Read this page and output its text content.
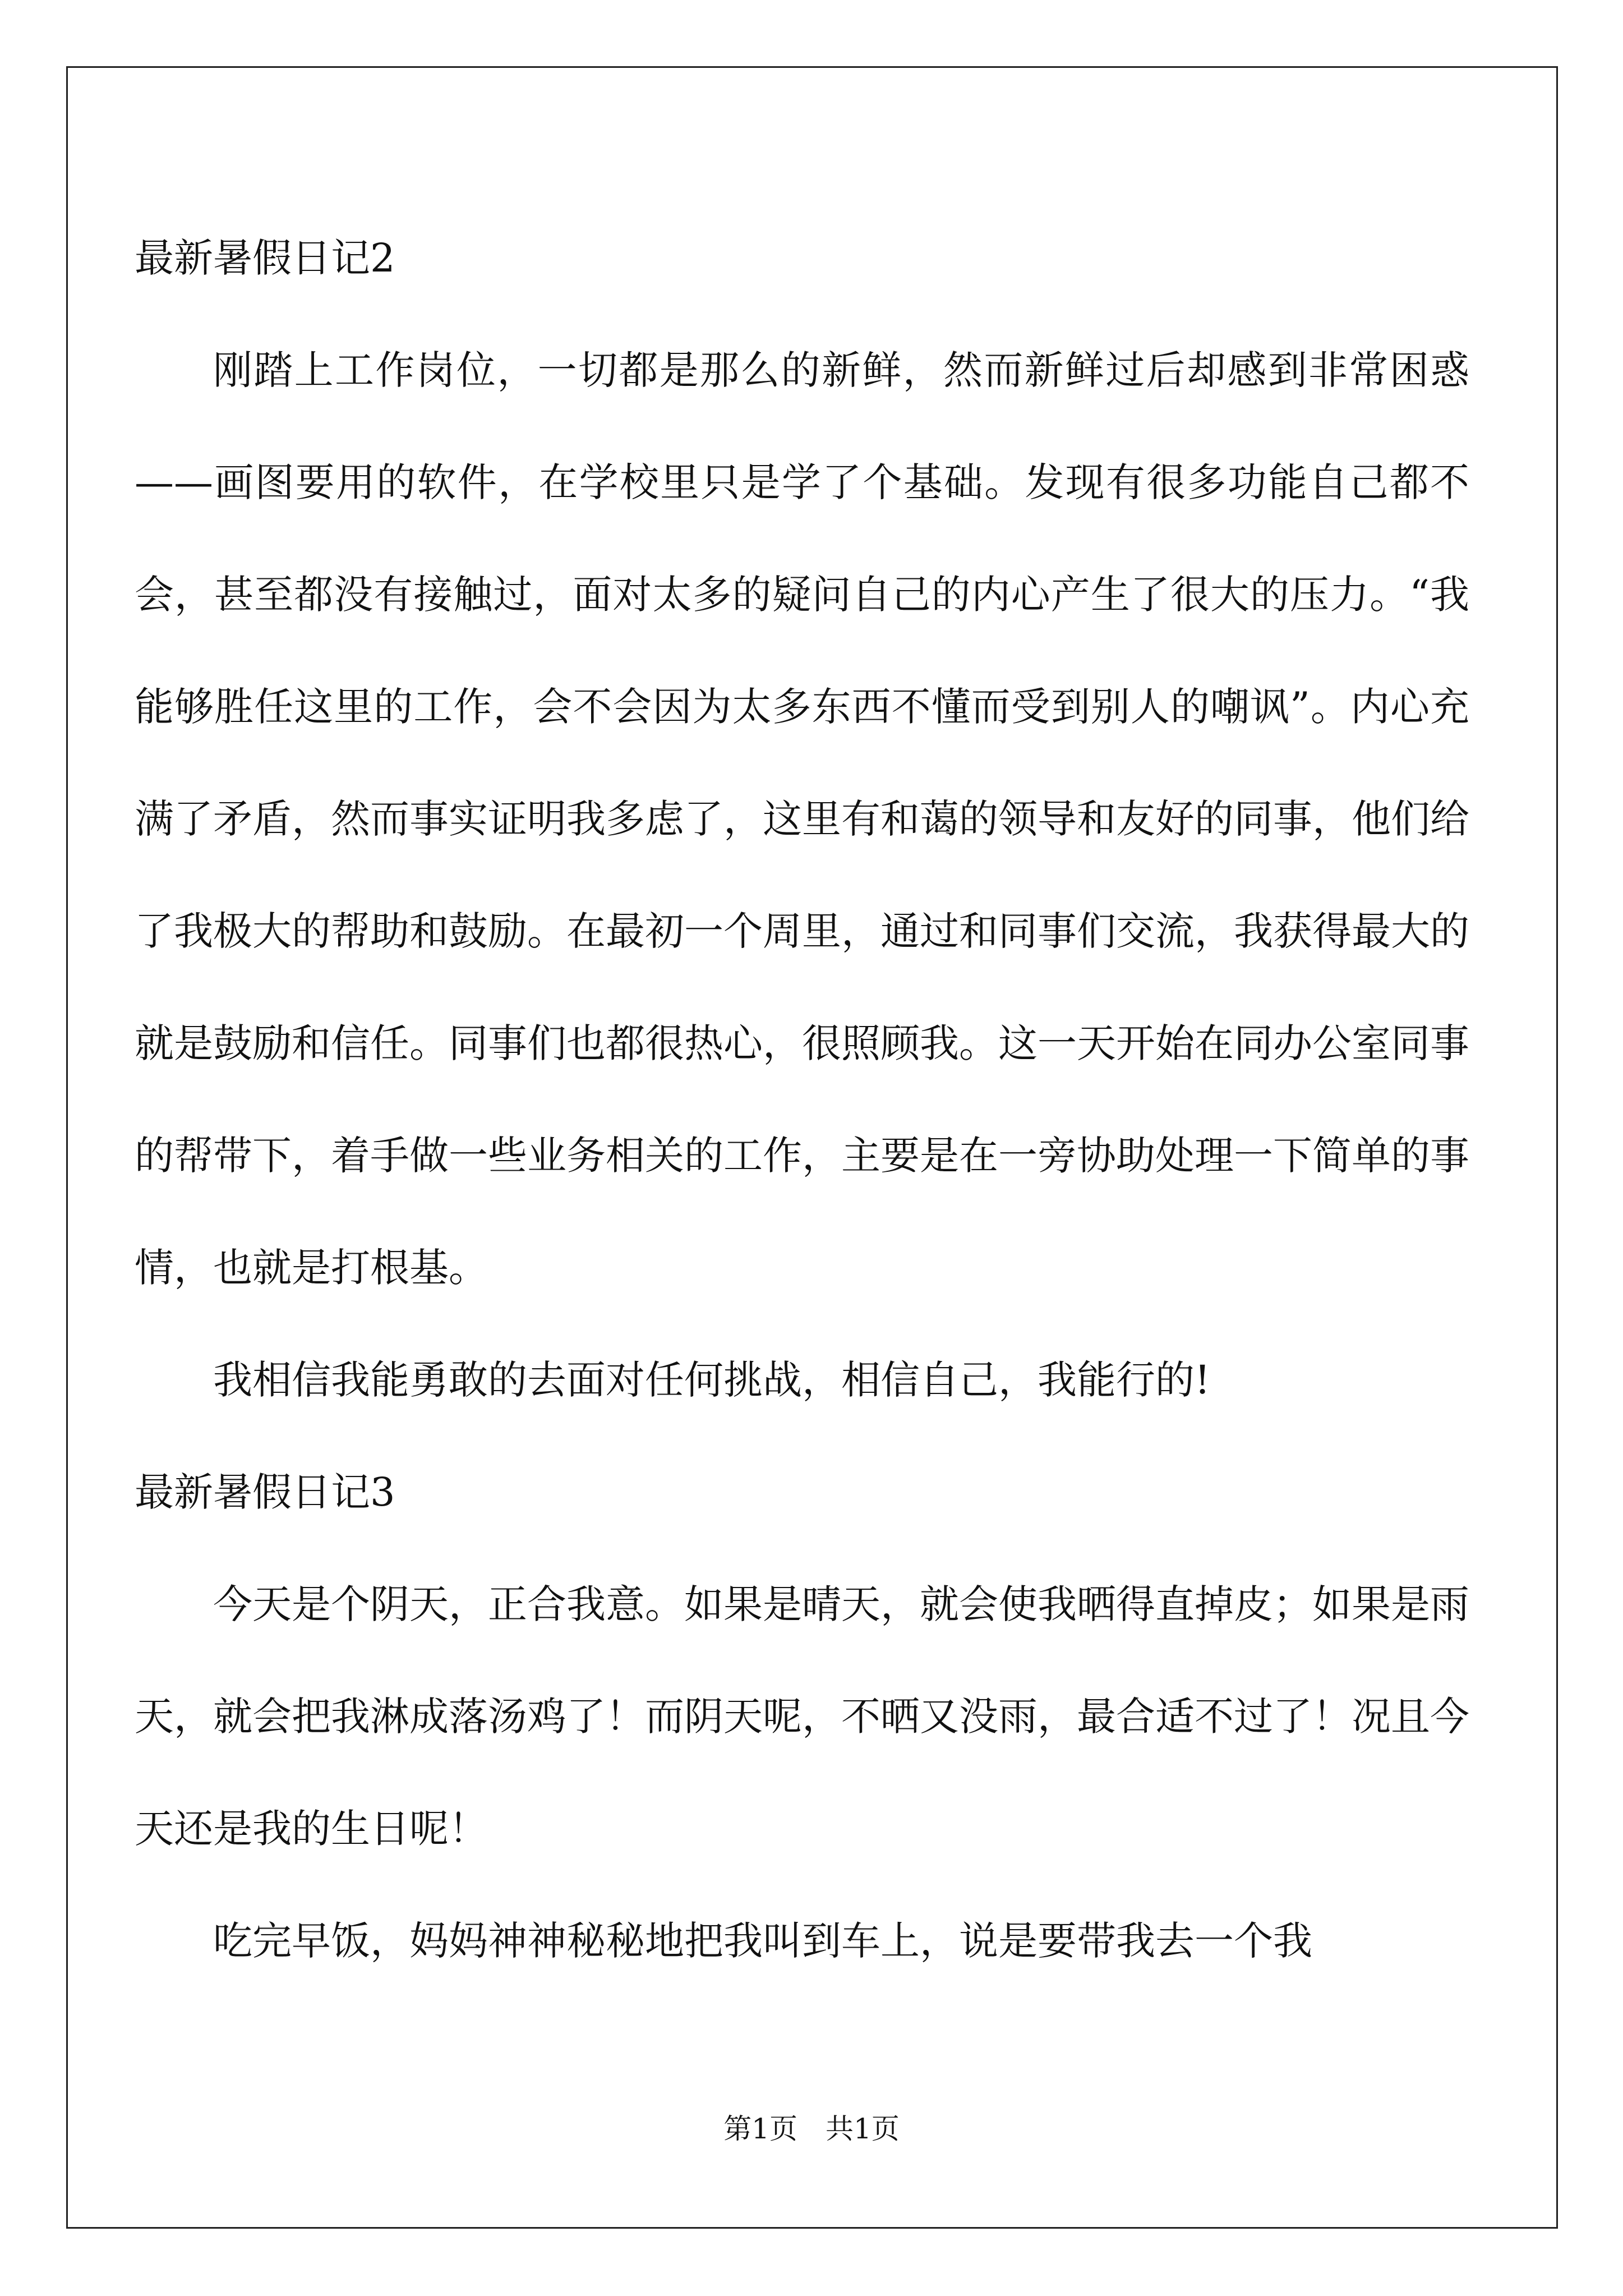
最新暑假日记2

刚踏上工作岗位，一切都是那么的新鲜，然而新鲜过后却感到非常困惑——画图要用的软件，在学校里只是学了个基础。发现有很多功能自己都不会，甚至都没有接触过，面对太多的疑问自己的内心产生了很大的压力。“我能够胜任这里的工作，会不会因为太多东西不懂而受到别人的嘲讽”。内心充满了矛盾，然而事实证明我多虑了，这里有和蔼的领导和友好的同事，他们给了我极大的帮助和鼓励。在最初一个周里，通过和同事们交流，我获得最大的就是鼓励和信任。同事们也都很热心，很照顾我。这一天开始在同办公室同事的帮带下，着手做一些业务相关的工作，主要是在一旁协助处理一下简单的事情，也就是打根基。

我相信我能勇敢的去面对任何挑战，相信自己，我能行的!

最新暑假日记3

今天是个阴天，正合我意。如果是晴天，就会使我晒得直掉皮；如果是雨天，就会把我淋成落汤鸡了！而阴天呢，不晒又没雨，最合适不过了！况且今天还是我的生日呢！

吃完早饭，妈妈神神秘秘地把我叫到车上，说是要带我去一个我

第1页 共1页
